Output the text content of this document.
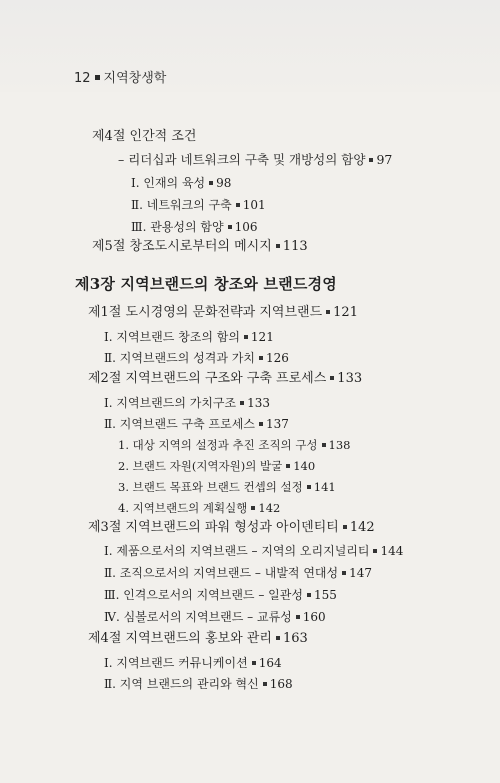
12 지역창생학
제4절 인간적 조건
– 리더십과 네트워크의 구축 및 개방성의 함양 97
Ⅰ. 인재의 육성 98
Ⅱ. 네트워크의 구축 101
Ⅲ. 관용성의 함양 106
제5절 창조도시로부터의 메시지 113
제3장 지역브랜드의 창조와 브랜드경영
제1절 도시경영의 문화전략과 지역브랜드 121
Ⅰ. 지역브랜드 창조의 함의 121
Ⅱ. 지역브랜드의 성격과 가치 126
제2절 지역브랜드의 구조와 구축 프로세스 133
Ⅰ. 지역브랜드의 가치구조 133
Ⅱ. 지역브랜드 구축 프로세스 137
1. 대상 지역의 설정과 추진 조직의 구성 138
2. 브랜드 자원(지역자원)의 발굴 140
3. 브랜드 목표와 브랜드 컨셉의 설정 141
4. 지역브랜드의 계획실행 142
제3절 지역브랜드의 파워 형성과 아이덴티티 142
Ⅰ. 제품으로서의 지역브랜드 – 지역의 오리지널리티 144
Ⅱ. 조직으로서의 지역브랜드 – 내발적 연대성 147
Ⅲ. 인격으로서의 지역브랜드 – 일관성 155
Ⅳ. 심볼로서의 지역브랜드 – 교류성 160
제4절 지역브랜드의 홍보와 관리 163
Ⅰ. 지역브랜드 커뮤니케이션 164
Ⅱ. 지역 브랜드의 관리와 혁신 168
